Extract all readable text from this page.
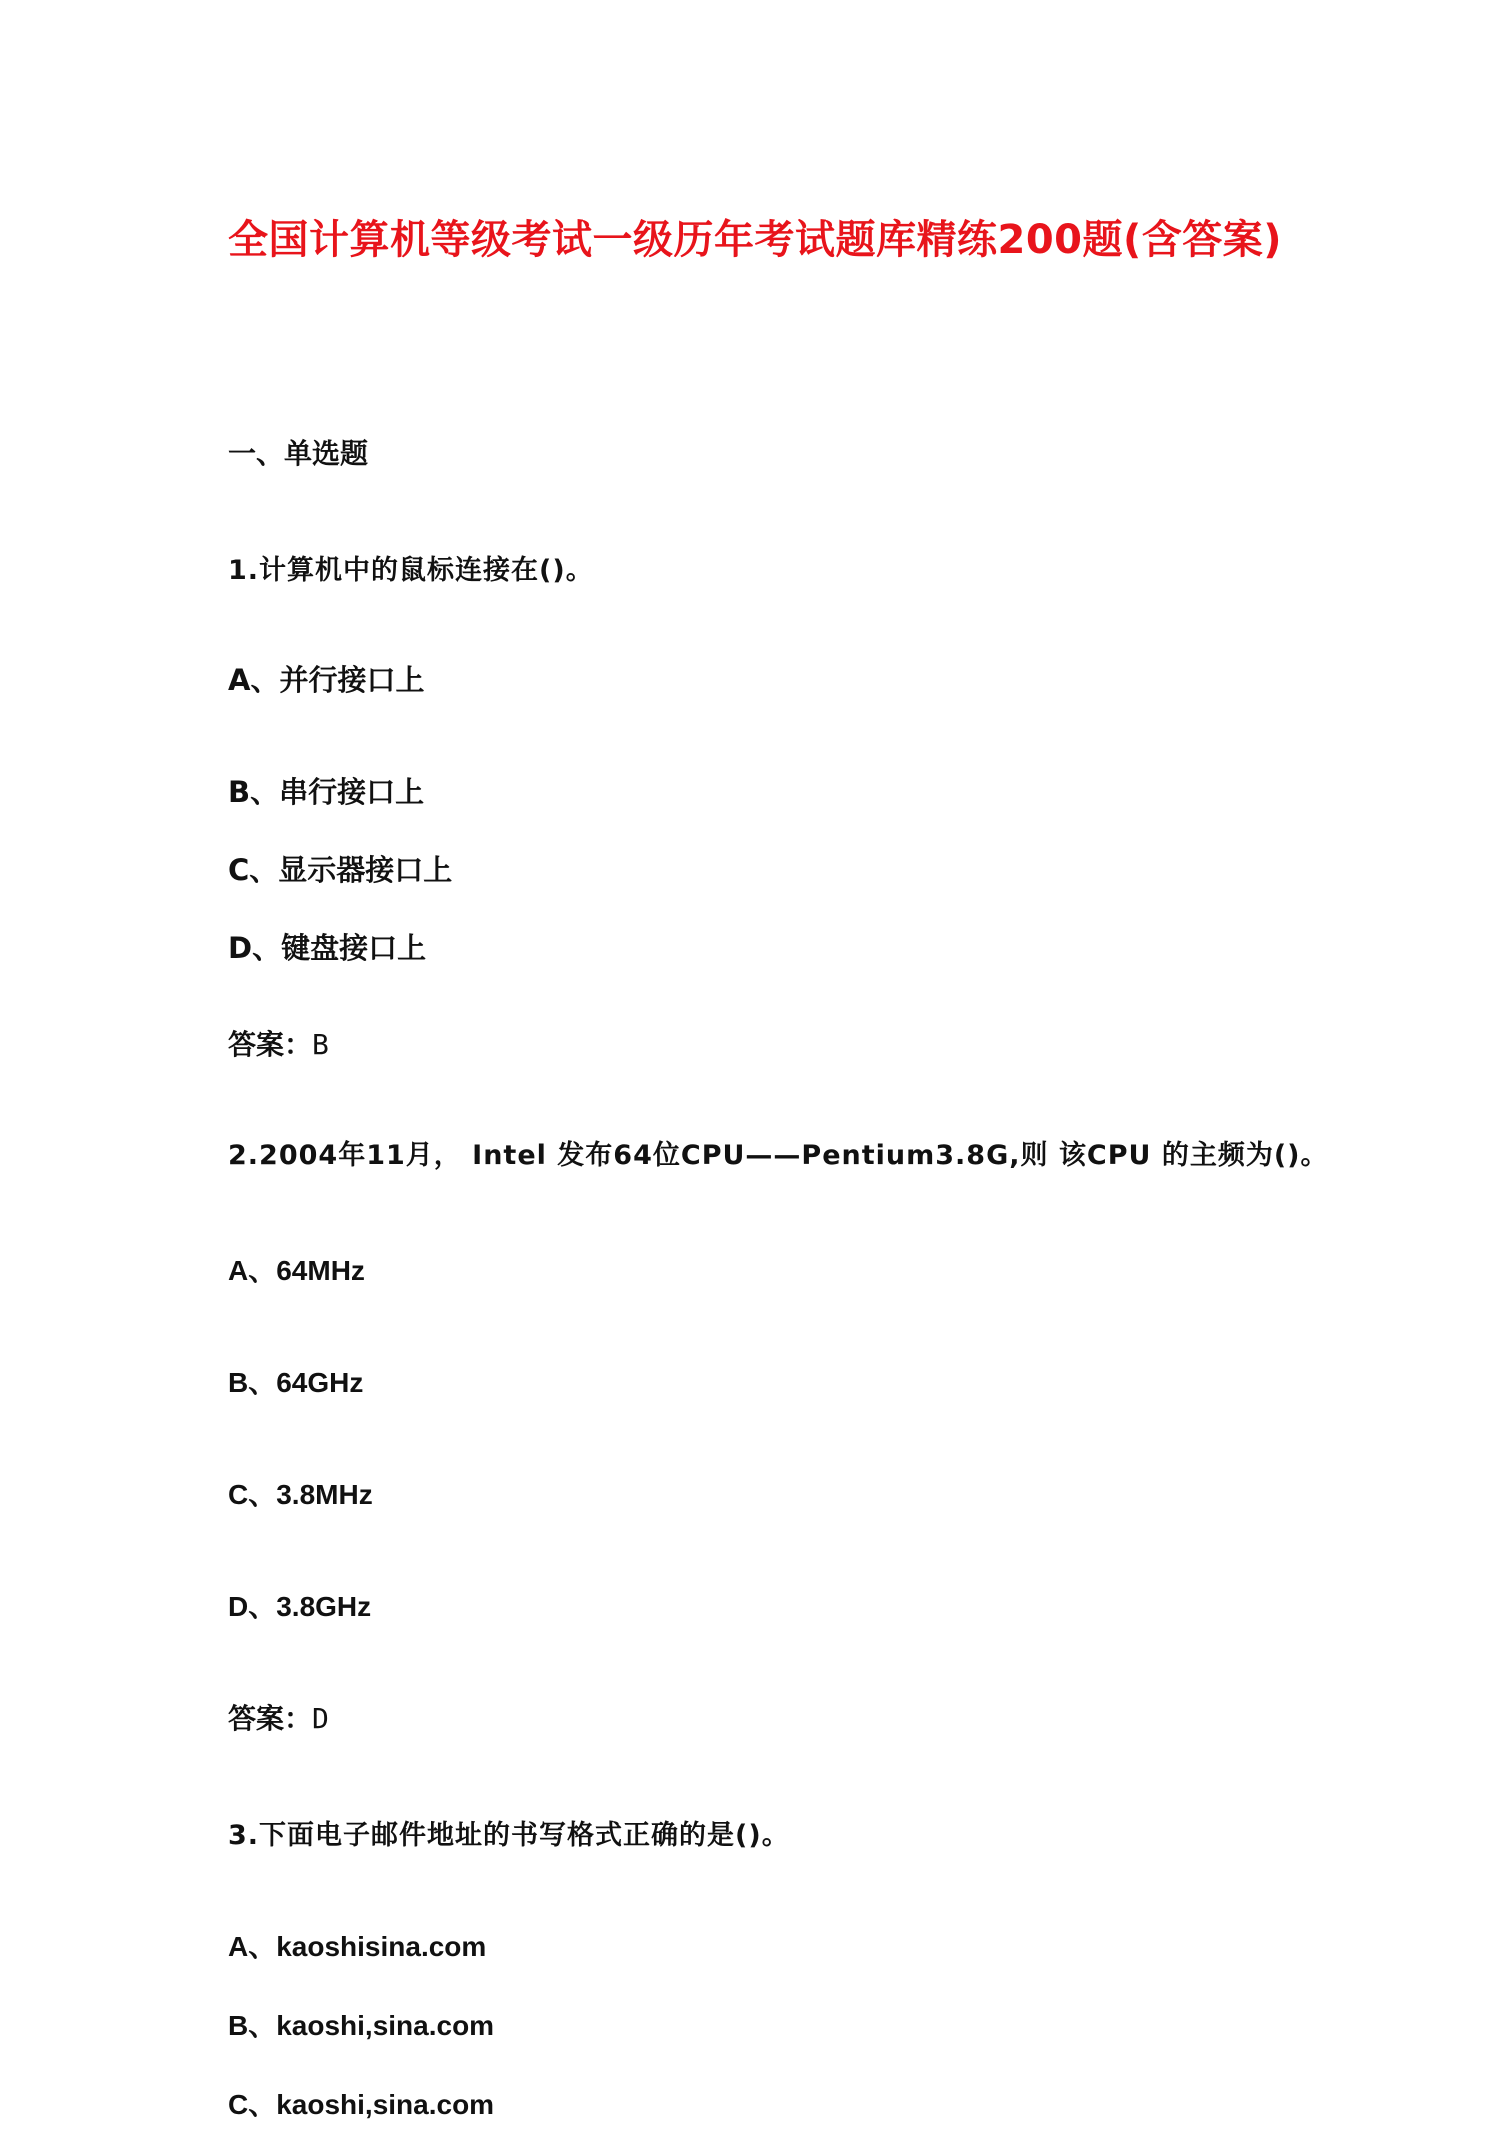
全国计算机等级考试一级历年考试题库精练200题(含答案)
一、单选题
1.计算机中的鼠标连接在()。
A、并行接口上
B、串行接口上
C、显示器接口上
D、键盘接口上
答案：B
2.2004年11月， Intel 发布64位CPU——Pentium3.8G,则 该CPU 的主频为()。
A、64MHz
B、64GHz
C、3.8MHz
D、3.8GHz
答案：D
3.下面电子邮件地址的书写格式正确的是()。
A、kaoshisina.com
B、kaoshi,sina.com
C、kaoshi,sina.com
